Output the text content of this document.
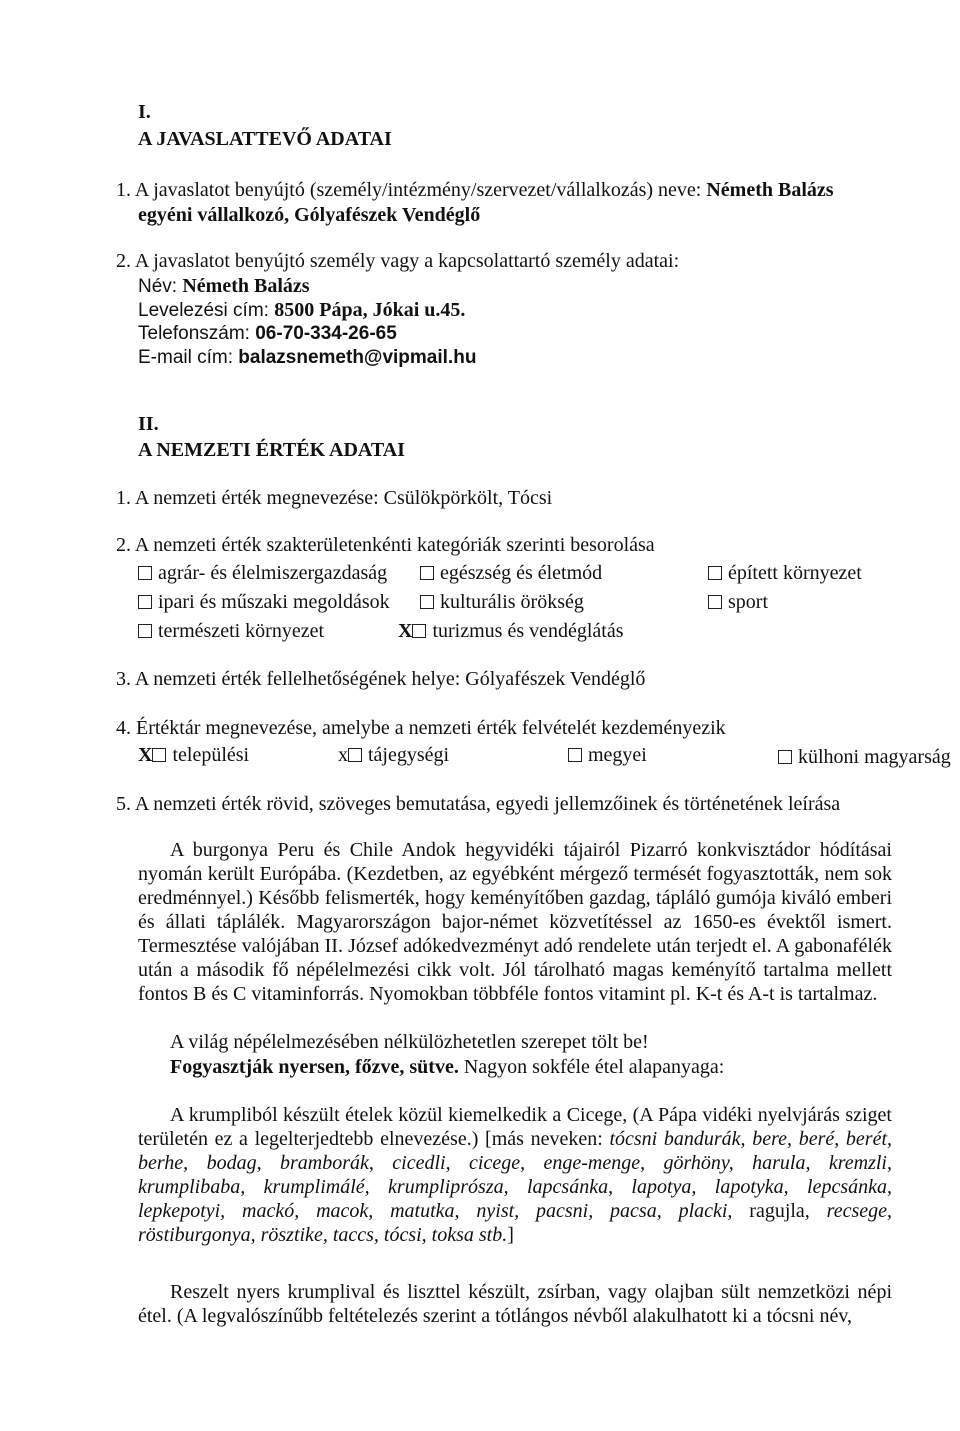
I.
A JAVASLATTEVŐ ADATAI
1. A javaslatot benyújtó (személy/intézmény/szervezet/vállalkozás) neve: Németh Balázs
egyéni vállalkozó, Gólyafészek Vendéglő
2. A javaslatot benyújtó személy vagy a kapcsolattartó személy adatai:
Név: Németh Balázs
Levelezési cím: 8500 Pápa, Jókai u.45.
Telefonszám: 06-70-334-26-65
E-mail cím: balazsnemeth@vipmail.hu
II.
A NEMZETI ÉRTÉK ADATAI
1. A nemzeti érték megnevezése: Csülökpörkölt, Tócsi
2. A nemzeti érték szakterületenkénti kategóriák szerinti besorolása
agrár- és élelmiszergazdaság	egészség és életmód	épített környezet
ipari és műszaki megoldások	kulturális örökség	sport
természeti környezet	X turizmus és vendéglátás
3. A nemzeti érték fellelhetőségének helye: Gólyafészek Vendéglő
4. Értéktár megnevezése, amelybe a nemzeti érték felvételét kezdeményezik
X települési	x tájegységi	megyei	külhoni magyarság
5. A nemzeti érték rövid, szöveges bemutatása, egyedi jellemzőinek és történetének leírása
A burgonya Peru és Chile Andok hegyvidéki tájairól Pizarró konkvisztádor hódításai nyomán került Európába. (Kezdetben, az egyébként mérgező termését fogyasztották, nem sok eredménnyel.) Később felismerték, hogy keményítőben gazdag, tápláló gumója kiváló emberi és állati táplálék. Magyarországon bajor-német közvetítéssel az 1650-es évektől ismert. Termesztése valójában II. József adókedvezményt adó rendelete után terjedt el. A gabonafélék után a második fő népélelmezési cikk volt. Jól tárolható magas keményítő tartalma mellett fontos B és C vitaminforrás. Nyomokban többféle fontos vitamint pl. K-t és A-t is tartalmaz.
A világ népélelmezésében nélkülözhetetlen szerepet tölt be!
Fogyasztják nyersen, főzve, sütve. Nagyon sokféle étel alapanyaga:
A krumpliból készült ételek közül kiemelkedik a Cicege, (A Pápa vidéki nyelvjárás sziget területén ez a legelterjedtebb elnevezése.) [más neveken: tócsni bandurák, bere, beré, berét, berhe, bodag, bramborák, cicedli, cicege, enge-menge, görhöny, harula, kremzli, krumplibaba, krumplimálé, krumpliprósza, lapcsánka, lapotya, lapotyka, lepcsánka, lepkepotyi, mackó, macok, matutka, nyist, pacsni, pacsa, placki, ragujla, recsege, röstiburgonya, rösztike, taccs, tócsi, toksa stb.]
Reszelt nyers krumplival és liszttel készült, zsírban, vagy olajban sült nemzetközi népi étel. (A legvalószínűbb feltételezés szerint a tótlángos névből alakulhatott ki a tócsni név,
